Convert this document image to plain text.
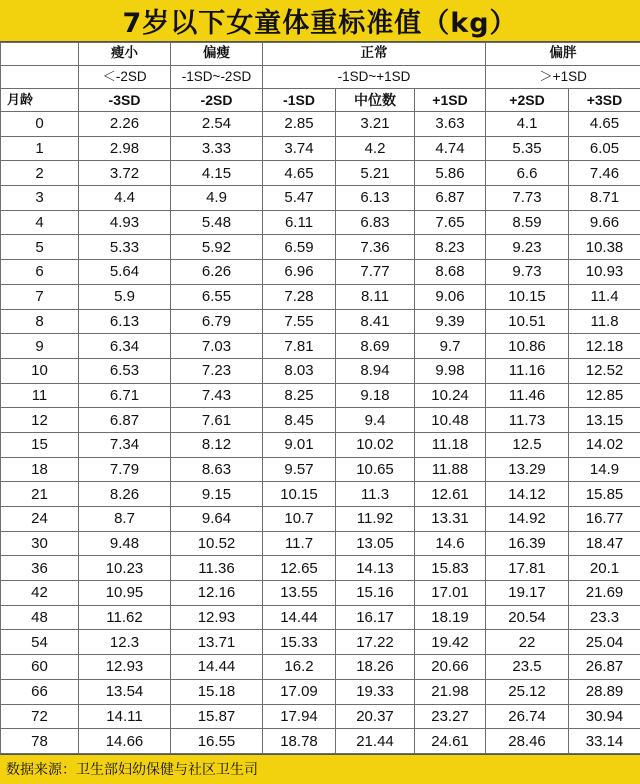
7岁以下女童体重标准值（kg）
	瘦小	偏瘦	正常			偏胖	
	＜-2SD	-1SD~-2SD	-1SD~+1SD			＞+1SD	
月龄	-3SD	-2SD	-1SD	中位数	+1SD	+2SD	+3SD
0	2.26	2.54	2.85	3.21	3.63	4.1	4.65
1	2.98	3.33	3.74	4.2	4.74	5.35	6.05
2	3.72	4.15	4.65	5.21	5.86	6.6	7.46
3	4.4	4.9	5.47	6.13	6.87	7.73	8.71
4	4.93	5.48	6.11	6.83	7.65	8.59	9.66
5	5.33	5.92	6.59	7.36	8.23	9.23	10.38
6	5.64	6.26	6.96	7.77	8.68	9.73	10.93
7	5.9	6.55	7.28	8.11	9.06	10.15	11.4
8	6.13	6.79	7.55	8.41	9.39	10.51	11.8
9	6.34	7.03	7.81	8.69	9.7	10.86	12.18
10	6.53	7.23	8.03	8.94	9.98	11.16	12.52
11	6.71	7.43	8.25	9.18	10.24	11.46	12.85
12	6.87	7.61	8.45	9.4	10.48	11.73	13.15
15	7.34	8.12	9.01	10.02	11.18	12.5	14.02
18	7.79	8.63	9.57	10.65	11.88	13.29	14.9
21	8.26	9.15	10.15	11.3	12.61	14.12	15.85
24	8.7	9.64	10.7	11.92	13.31	14.92	16.77
30	9.48	10.52	11.7	13.05	14.6	16.39	18.47
36	10.23	11.36	12.65	14.13	15.83	17.81	20.1
42	10.95	12.16	13.55	15.16	17.01	19.17	21.69
48	11.62	12.93	14.44	16.17	18.19	20.54	23.3
54	12.3	13.71	15.33	17.22	19.42	22	25.04
60	12.93	14.44	16.2	18.26	20.66	23.5	26.87
66	13.54	15.18	17.09	19.33	21.98	25.12	28.89
72	14.11	15.87	17.94	20.37	23.27	26.74	30.94
78	14.66	16.55	18.78	21.44	24.61	28.46	33.14
数据来源：卫生部妇幼保健与社区卫生司
